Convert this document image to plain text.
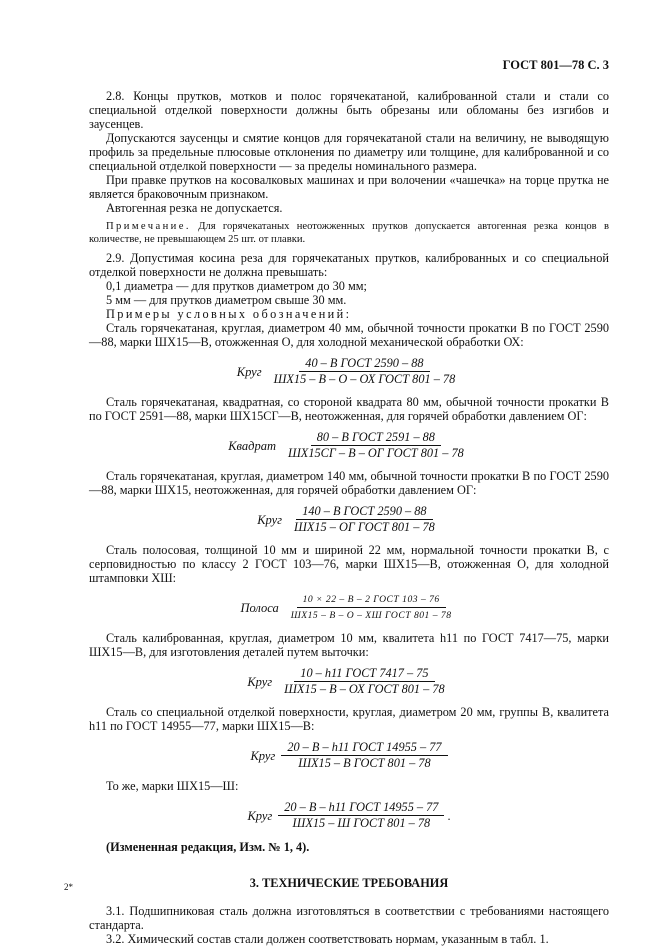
ГОСТ 801—78 С. 3

2.8. Концы прутков, мотков и полос горячекатаной, калиброванной стали и стали со специальной отделкой поверхности должны быть обрезаны или обломаны без изгибов и заусенцев.

Допускаются заусенцы и смятие концов для горячекатаной стали на величину, не выводящую профиль за предельные плюсовые отклонения по диаметру или толщине, для калиброванной и со специальной отделкой поверхности — за пределы номинального размера.

При правке прутков на косовалковых машинах и при волочении «чашечка» на торце прутка не является браковочным признаком.

Автогенная резка не допускается.

Примечание. Для горячекатаных неотожженных прутков допускается автогенная резка концов в количестве, не превышающем 25 шт. от плавки.

2.9. Допустимая косина реза для горячекатаных прутков, калиброванных и со специальной отделкой поверхности не должна превышать:

0,1 диаметра — для прутков диаметром до 30 мм;

5 мм — для прутков диаметром свыше 30 мм.

Примеры условных обозначений:

Сталь горячекатаная, круглая, диаметром 40 мм, обычной точности прокатки В по ГОСТ 2590—88, марки ШХ15—В, отожженная О, для холодной механической обработки ОХ:

Круг $\frac{\text{40 – В ГОСТ 2590 – 88}}{\text{ШХ15 – В – О – ОХ ГОСТ 801 – 78}}$

Сталь горячекатаная, квадратная, со стороной квадрата 80 мм, обычной точности прокатки В по ГОСТ 2591—88, марки ШХ15СГ—В, неотожженная, для горячей обработки давлением ОГ:

Квадрат $\frac{\text{80 – В ГОСТ 2591 – 88}}{\text{ШХ15СГ – В – ОГ ГОСТ 801 – 78}}$

Сталь горячекатаная, круглая, диаметром 140 мм, обычной точности прокатки В по ГОСТ 2590—88, марки ШХ15, неотожженная, для горячей обработки давлением ОГ:

Круг $\frac{\text{140 – В ГОСТ 2590 – 88}}{\text{ШХ15 – ОГ ГОСТ 801 – 78}}$

Сталь полосовая, толщиной 10 мм и шириной 22 мм, нормальной точности прокатки В, с серповидностью по классу 2 ГОСТ 103—76, марки ШХ15—В, отожженная О, для холодной штамповки ХШ:

Полоса $\frac{\text{10 × 22 – В – 2 ГОСТ 103 – 76}}{\text{ШХ15 – В – О – ХШ ГОСТ 801 – 78}}$

Сталь калиброванная, круглая, диаметром 10 мм, квалитета h11 по ГОСТ 7417—75, марки ШХ15—В, для изготовления деталей путем выточки:

Круг $\frac{\text{10 – h11 ГОСТ 7417 – 75}}{\text{ШХ15 – В – ОХ ГОСТ 801 – 78}}$

Сталь со специальной отделкой поверхности, круглая, диаметром 20 мм, группы В, квалитета h11 по ГОСТ 14955—77, марки ШХ15—В:

Круг $\frac{\text{20 – В – h11 ГОСТ 14955 – 77}}{\text{ШХ15 – В ГОСТ 801 – 78}}$

То же, марки ШХ15—Ш:

Круг $\frac{\text{20 – В – h11 ГОСТ 14955 – 77}}{\text{ШХ15 – Ш ГОСТ 801 – 78}}$ .

(Измененная редакция, Изм. № 1, 4).

3. ТЕХНИЧЕСКИЕ ТРЕБОВАНИЯ

3.1. Подшипниковая сталь должна изготовляться в соответствии с требованиями настоящего стандарта.

3.2. Химический состав стали должен соответствовать нормам, указанным в табл. 1.

2*
